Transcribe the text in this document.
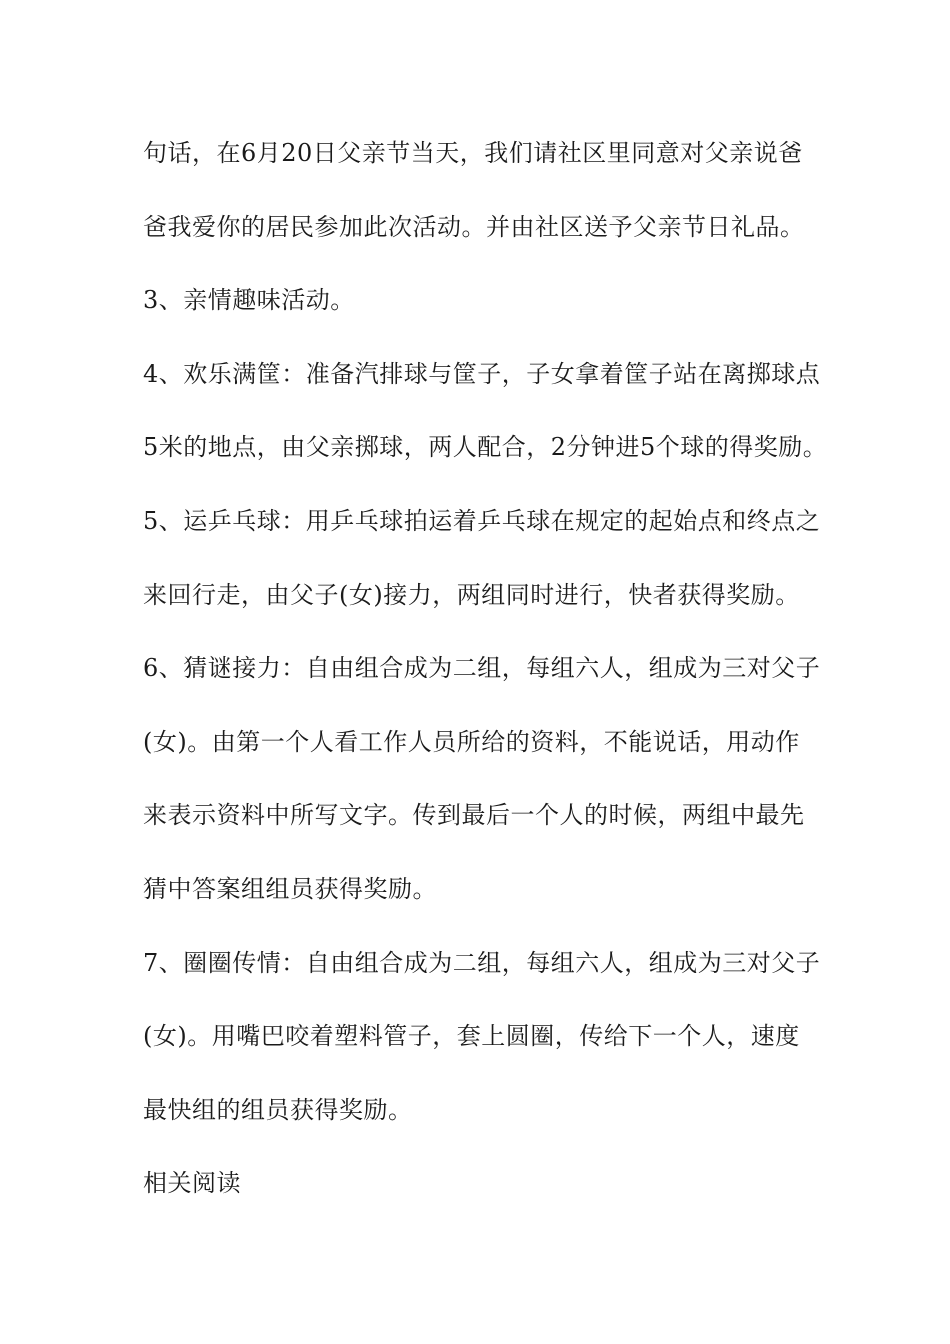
句话，在6月20日父亲节当天，我们请社区里同意对父亲说爸
爸我爱你的居民参加此次活动。并由社区送予父亲节日礼品。
3、亲情趣味活动。
4、欢乐满筐：准备汽排球与筐子，子女拿着筐子站在离掷球点
5米的地点，由父亲掷球，两人配合，2分钟进5个球的得奖励。
5、运乒乓球：用乒乓球拍运着乒乓球在规定的起始点和终点之
来回行走，由父子(女)接力，两组同时进行，快者获得奖励。
6、猜谜接力：自由组合成为二组，每组六人，组成为三对父子
(女)。由第一个人看工作人员所给的资料，不能说话，用动作
来表示资料中所写文字。传到最后一个人的时候，两组中最先
猜中答案组组员获得奖励。
7、圈圈传情：自由组合成为二组，每组六人，组成为三对父子
(女)。用嘴巴咬着塑料管子，套上圆圈，传给下一个人，速度
最快组的组员获得奖励。
相关阅读
